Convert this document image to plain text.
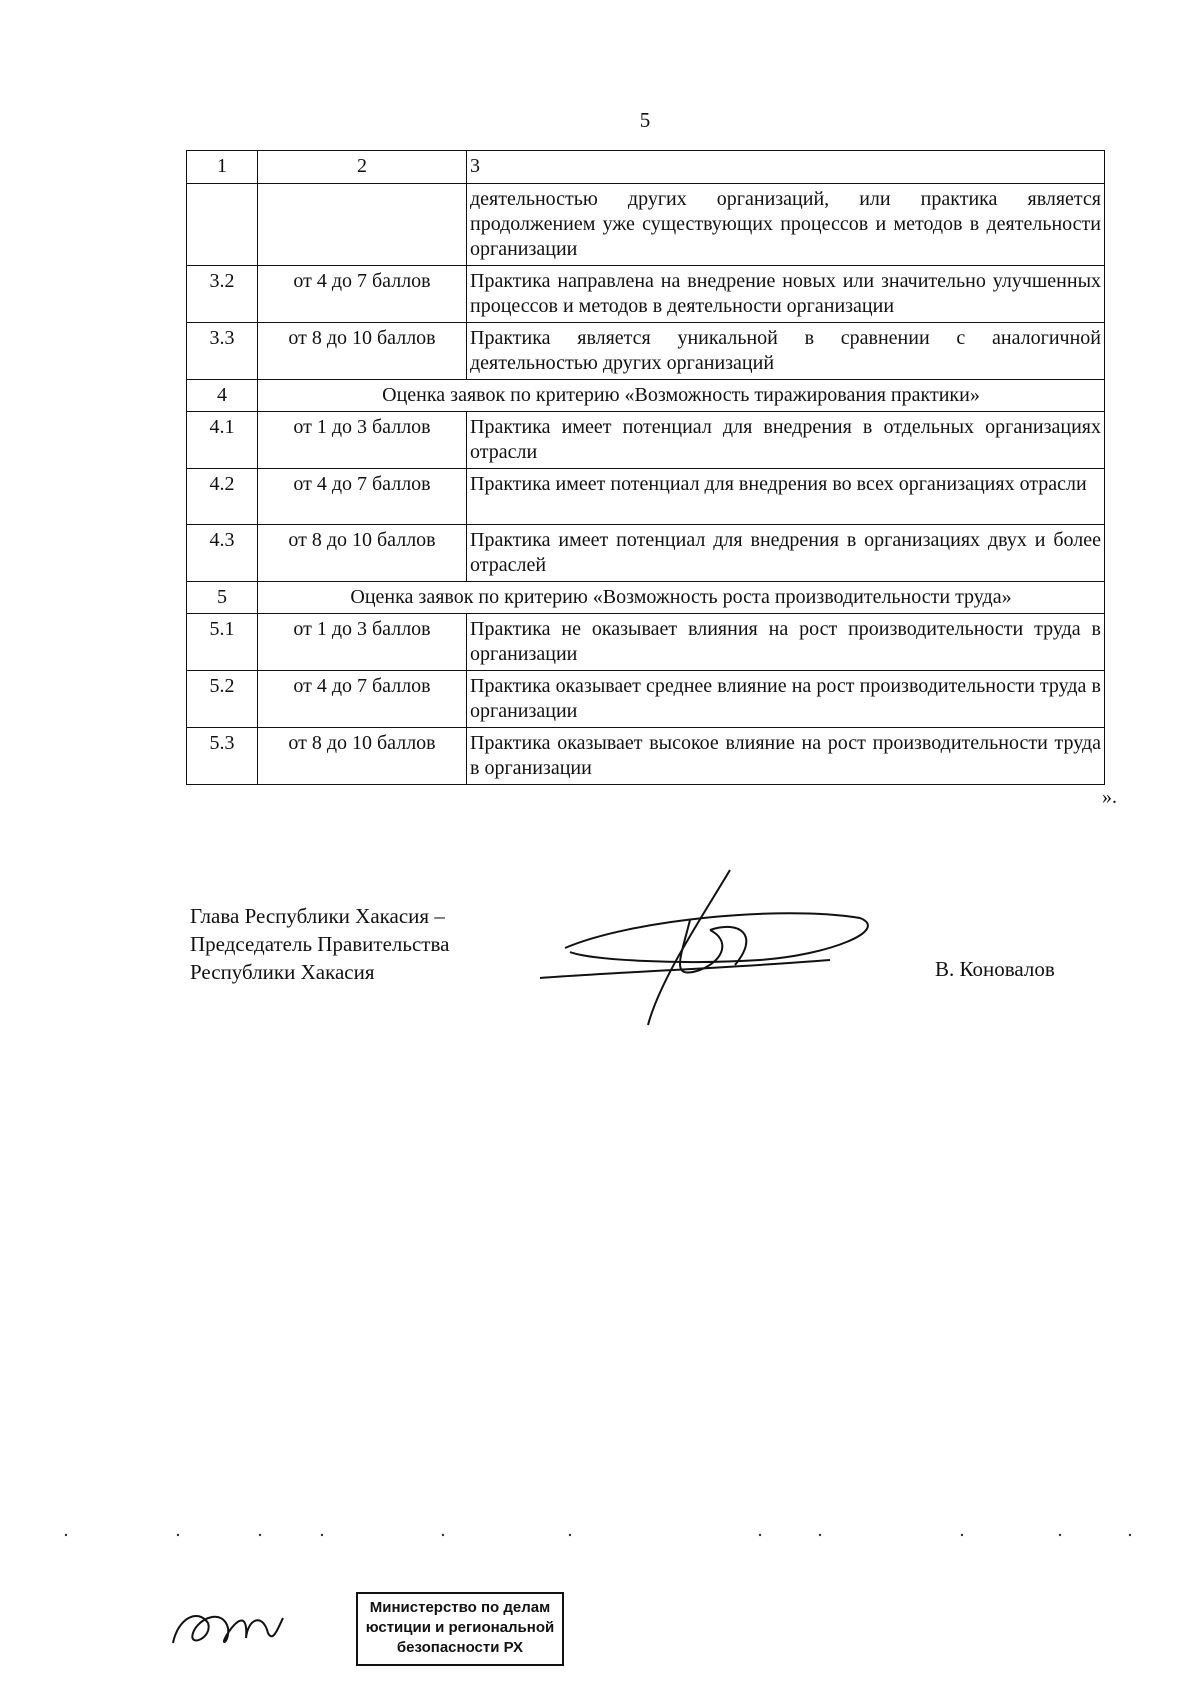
5
1	2	3
		деятельностью других организаций, или практика является продолжением уже существующих процессов и методов в деятельности организации
3.2	от 4 до 7 баллов	Практика направлена на внедрение новых или значительно улучшенных процессов и методов в деятельности организации
3.3	от 8 до 10 баллов	Практика является уникальной в сравнении с аналогичной деятельностью других организаций
4	Оценка заявок по критерию «Возможность тиражирования практики»	
4.1	от 1 до 3 баллов	Практика имеет потенциал для внедрения в отдельных организациях отрасли
4.2	от 4 до 7 баллов	Практика имеет потенциал для внедрения во всех организациях отрасли
4.3	от 8 до 10 баллов	Практика имеет потенциал для внедрения в организациях двух и более отраслей
5	Оценка заявок по критерию «Возможность роста производительности труда»	
5.1	от 1 до 3 баллов	Практика не оказывает влияния на рост производительности труда в организации
5.2	от 4 до 7 баллов	Практика оказывает среднее влияние на рост производительности труда в организации
5.3	от 8 до 10 баллов	Практика оказывает высокое влияние на рост производительности труда в организации
».
Глава Республики Хакасия –
Председатель Правительства
Республики Хакасия	В. Коновалов
Министерство по делам
юстиции и региональной
безопасности РХ
